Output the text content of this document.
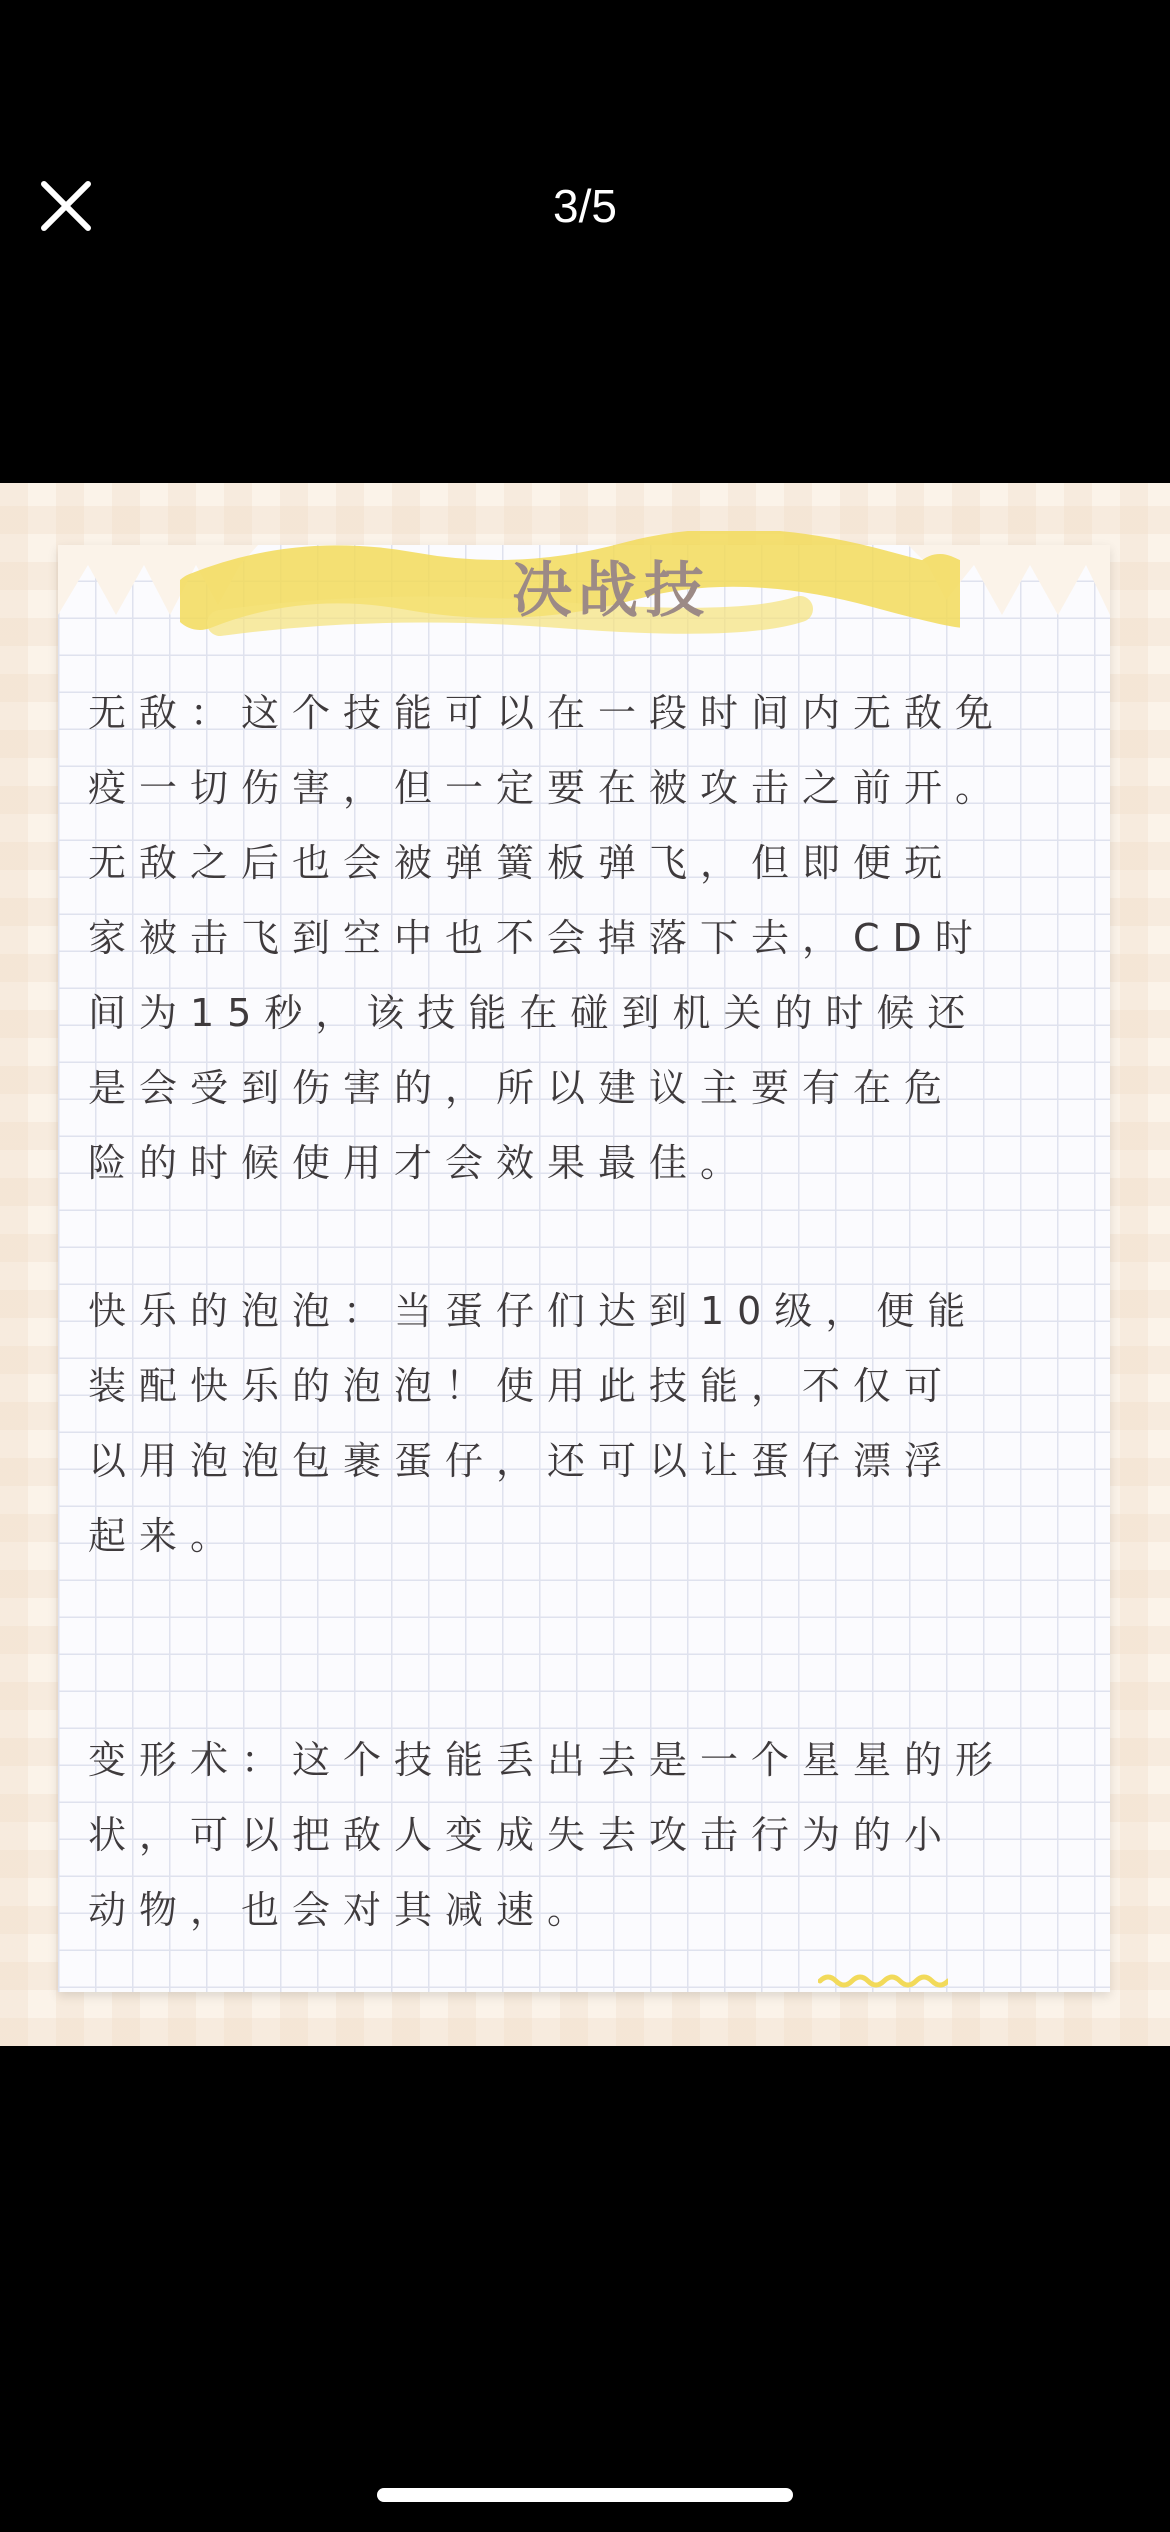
3/5
决战技
无敌：这个技能可以在一段时间内无敌免
疫一切伤害，但一定要在被攻击之前开。
无敌之后也会被弹簧板弹飞，但即便玩
家被击飞到空中也不会掉落下去，CD时
间为15秒，该技能在碰到机关的时候还
是会受到伤害的，所以建议主要有在危
险的时候使用才会效果最佳。
快乐的泡泡：当蛋仔们达到10级，便能
装配快乐的泡泡！使用此技能，不仅可
以用泡泡包裹蛋仔，还可以让蛋仔漂浮
起来。
变形术：这个技能丢出去是一个星星的形
状，可以把敌人变成失去攻击行为的小
动物，也会对其减速。
